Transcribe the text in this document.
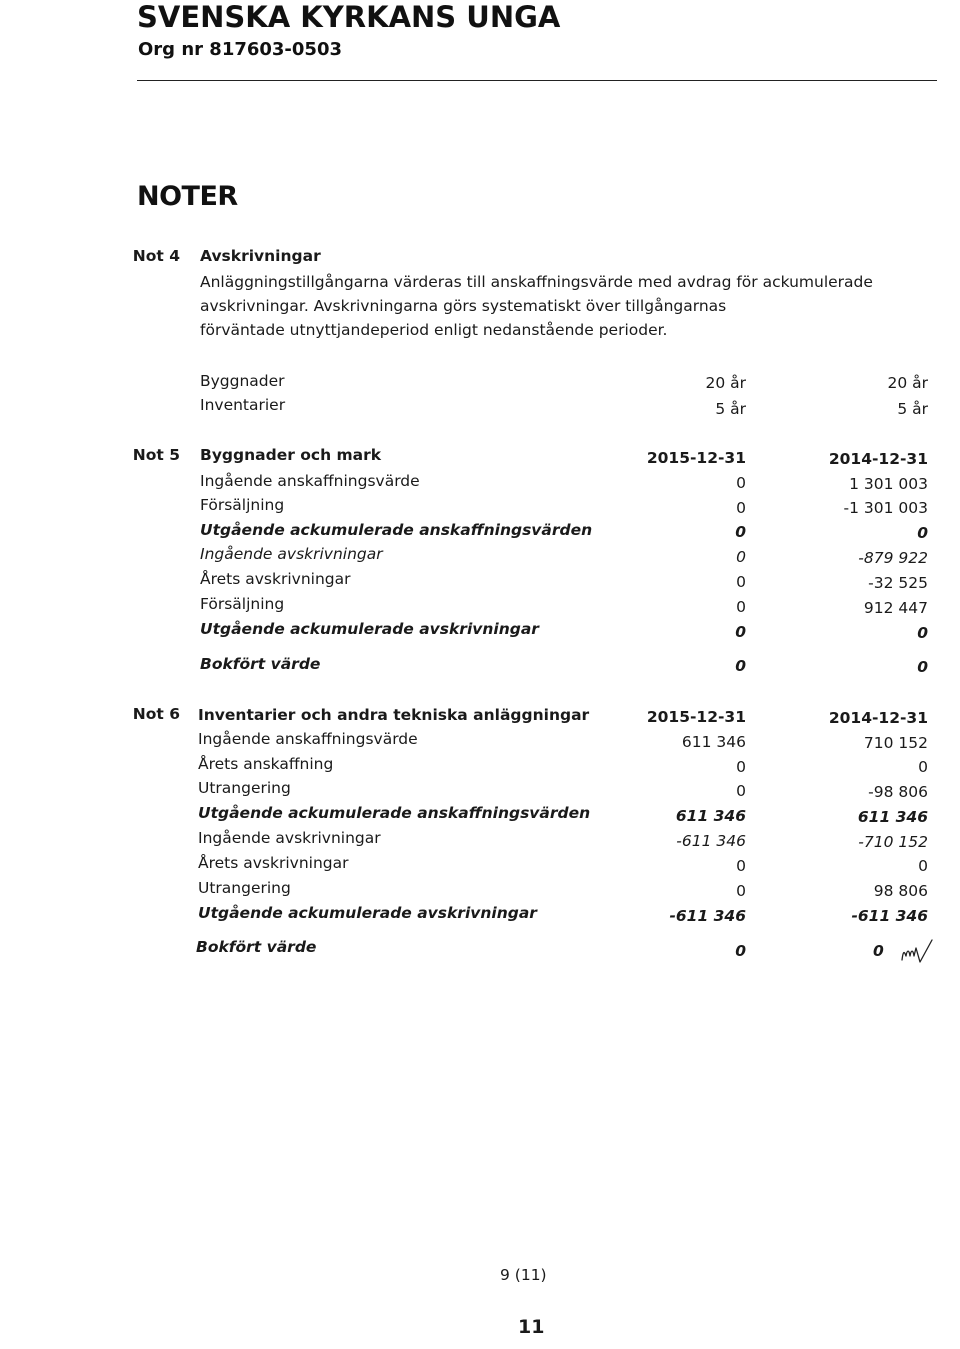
SVENSKA KYRKANS UNGA
Org nr 817603-0503
NOTER
Not 4 Avskrivningar
Anläggningstillgångarna värderas till anskaffningsvärde med avdrag för ackumulerade
avskrivningar. Avskrivningarna görs systematiskt över tillgångarnas
förväntade utnyttjandeperiod enligt nedanstående perioder.
Byggnader	20 år	20 år
Inventarier	5 år	5 år
Not 5 Byggnader och mark	2015-12-31	2014-12-31
Ingående anskaffningsvärde	0	1 301 003
Försäljning	0	-1 301 003
Utgående ackumulerade anskaffningsvärden	0	0
Ingående avskrivningar	0	-879 922
Årets avskrivningar	0	-32 525
Försäljning	0	912 447
Utgående ackumulerade avskrivningar	0	0
Bokfört värde	0	0
Not 6 Inventarier och andra tekniska anläggningar	2015-12-31	2014-12-31
Ingående anskaffningsvärde	611 346	710 152
Årets anskaffning	0	0
Utrangering	0	-98 806
Utgående ackumulerade anskaffningsvärden	611 346	611 346
Ingående avskrivningar	-611 346	-710 152
Årets avskrivningar	0	0
Utrangering	0	98 806
Utgående ackumulerade avskrivningar	-611 346	-611 346
Bokfört värde	0	0
9 (11)
11
